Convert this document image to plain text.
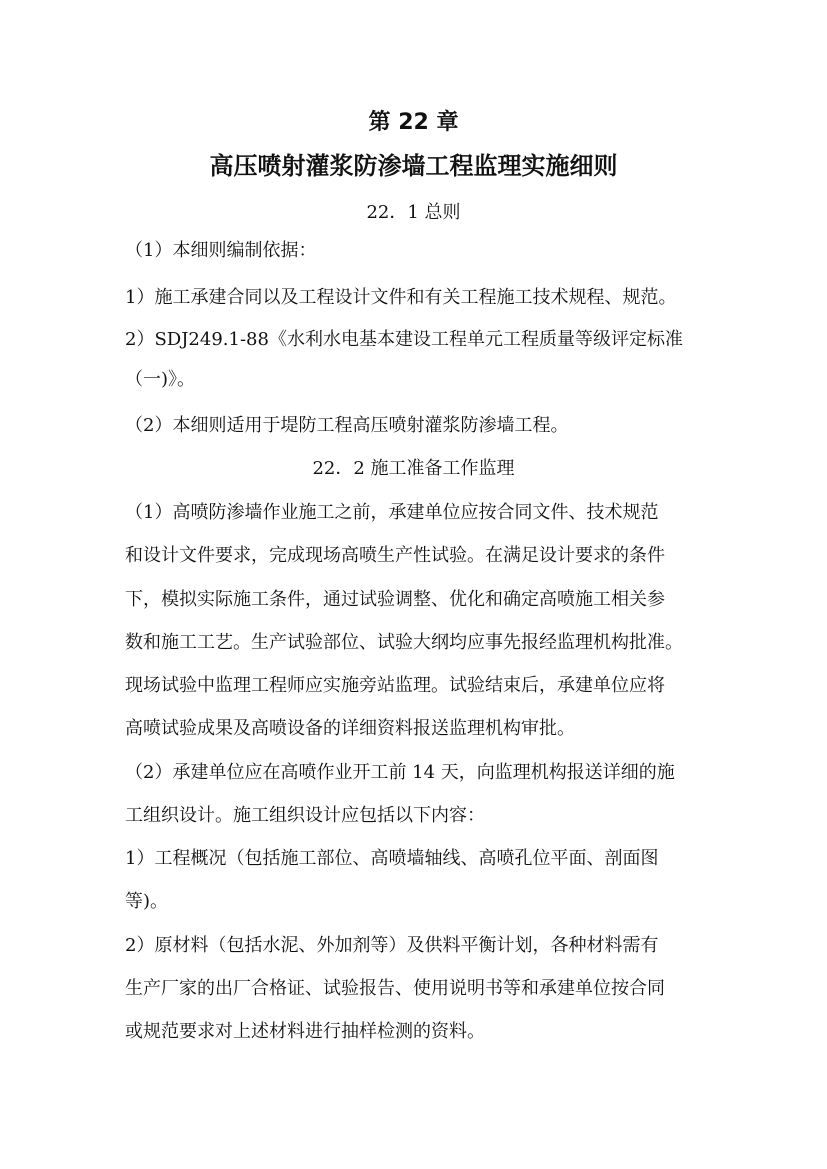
第 22 章
高压喷射灌浆防渗墙工程监理实施细则
22．1 总则
（1）本细则编制依据：
1）施工承建合同以及工程设计文件和有关工程施工技术规程、规范。
2）SDJ249.1-88《水利水电基本建设工程单元工程质量等级评定标准
（一)》。
（2）本细则适用于堤防工程高压喷射灌浆防渗墙工程。
22．2 施工准备工作监理
（1）高喷防渗墙作业施工之前，承建单位应按合同文件、技术规范
和设计文件要求，完成现场高喷生产性试验。在满足设计要求的条件
下，模拟实际施工条件，通过试验调整、优化和确定高喷施工相关参
数和施工工艺。生产试验部位、试验大纲均应事先报经监理机构批准。
现场试验中监理工程师应实施旁站监理。试验结束后，承建单位应将
高喷试验成果及高喷设备的详细资料报送监理机构审批。
（2）承建单位应在高喷作业开工前 14 天，向监理机构报送详细的施
工组织设计。施工组织设计应包括以下内容：
1）工程概况（包括施工部位、高喷墙轴线、高喷孔位平面、剖面图
等)。
2）原材料（包括水泥、外加剂等）及供料平衡计划，各种材料需有
生产厂家的出厂合格证、试验报告、使用说明书等和承建单位按合同
或规范要求对上述材料进行抽样检测的资料。
